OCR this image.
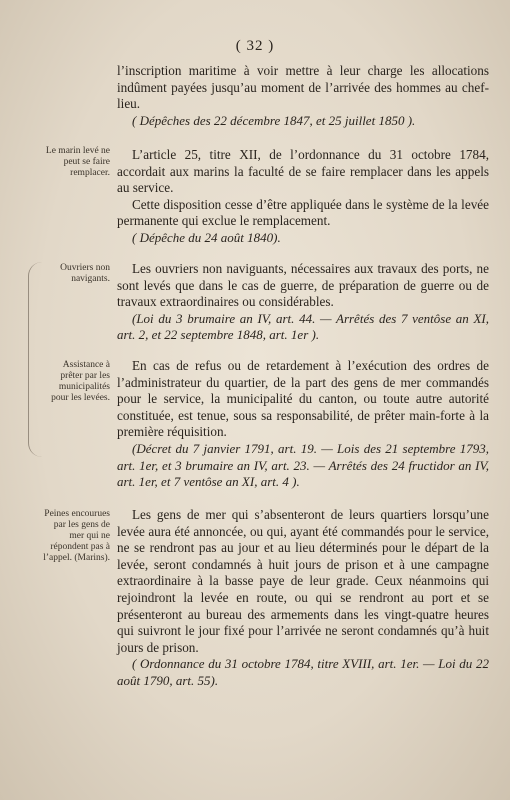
( 32 )

l’inscription maritime à voir mettre à leur charge les allocations indûment payées jusqu’au moment de l’arrivée des hommes au chef-lieu.

( Dépêches des 22 décembre 1847, et 25 juillet 1850 ).

Le marin levé ne peut se faire remplacer.

L’article 25, titre XII, de l’ordonnance du 31 octobre 1784, accordait aux marins la faculté de se faire remplacer dans les appels au service.

Cette disposition cesse d’être appliquée dans le système de la levée permanente qui exclue le remplacement.

( Dépêche du 24 août 1840).

Ouvriers non navigants.

Les ouvriers non naviguants, nécessaires aux travaux des ports, ne sont levés que dans le cas de guerre, de préparation de guerre ou de travaux extraordinaires ou considérables.

(Loi du 3 brumaire an IV, art. 44. — Arrêtés des 7 ventôse an XI, art. 2, et 22 septembre 1848, art. 1er ).

Assistance à prêter par les municipalités pour les levées.

En cas de refus ou de retardement à l’exécution des ordres de l’administrateur du quartier, de la part des gens de mer commandés pour le service, la municipalité du canton, ou toute autre autorité constituée, est tenue, sous sa responsabilité, de prêter main-forte à la première réquisition.

(Décret du 7 janvier 1791, art. 19. — Lois des 21 septembre 1793, art. 1er, et 3 brumaire an IV, art. 23. — Arrêtés des 24 fructidor an IV, art. 1er, et 7 ventôse an XI, art. 4 ).

Peines encourues par les gens de mer qui ne répondent pas à l’appel. (Marins).

Les gens de mer qui s’absenteront de leurs quartiers lorsqu’une levée aura été annoncée, ou qui, ayant été commandés pour le service, ne se rendront pas au jour et au lieu déterminés pour le départ de la levée, seront condamnés à huit jours de prison et à une campagne extraordinaire à la basse paye de leur grade. Ceux néanmoins qui rejoindront la levée en route, ou qui se rendront au port et se présenteront au bureau des armements dans les vingt-quatre heures qui suivront le jour fixé pour l’arrivée ne seront condamnés qu’à huit jours de prison.

( Ordonnance du 31 octobre 1784, titre XVIII, art. 1er. — Loi du 22 août 1790, art. 55).
